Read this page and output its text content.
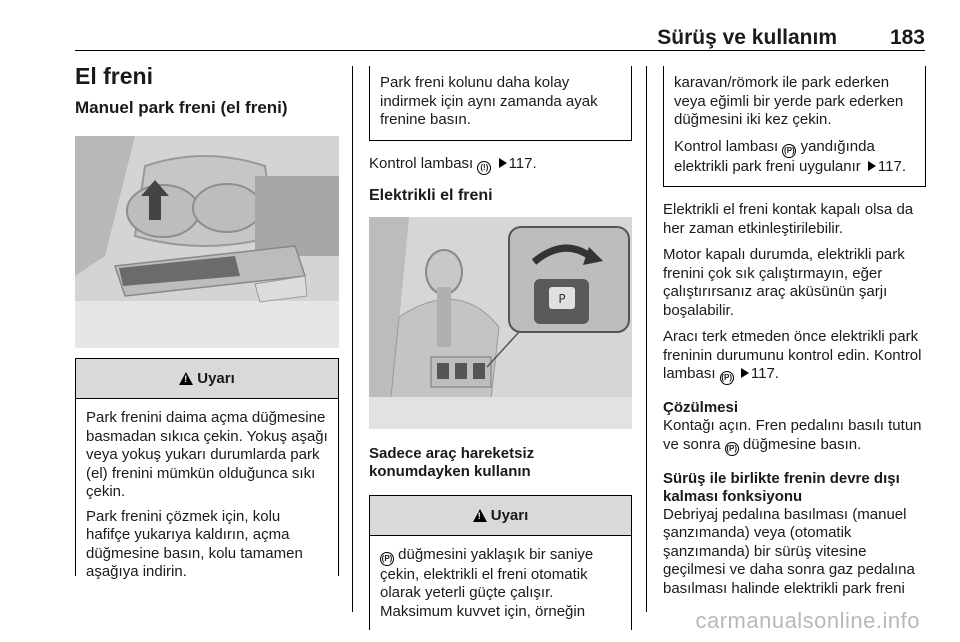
Sürüş ve kullanım	183
El freni
Manuel park freni (el freni)
!
Uyarı

Park frenini daima açma düğmesine basmadan sıkıca çekin. Yokuş aşağı veya yokuş yukarı durumlarda park (el) frenini mümkün olduğunca sıkı çekin.

Park frenini çözmek için, kolu hafifçe yukarıya kaldırın, açma düğmesine basın, kolu tamamen aşağıya indirin.

Park freni kolunu daha kolay indirmek için aynı zamanda ayak frenine basın.

Kontrol lambası (!) 117.

Elektrikli el freni
P
Sadece araç hareketsiz konumdayken kullanın
!
Uyarı

(P) düğmesini yaklaşık bir saniye çekin, elektrikli el freni otomatik olarak yeterli güçte çalışır. Maksimum kuvvet için, örneğin

karavan/römork ile park ederken veya eğimli bir yerde park ederken düğmesini iki kez çekin.

Kontrol lambası (P) yandığında elektrikli park freni uygulanır 117.

Elektrikli el freni kontak kapalı olsa da her zaman etkinleştirilebilir.

Motor kapalı durumda, elektrikli park frenini çok sık çalıştırmayın, eğer çalıştırırsanız araç aküsünün şarjı boşalabilir.

Aracı terk etmeden önce elektrikli park freninin durumunu kontrol edin. Kontrol lambası (P) 117.

Çözülmesi

Kontağı açın. Fren pedalını basılı tutun ve sonra (P) düğmesine basın.

Sürüş ile birlikte frenin devre dışı kalması fonksiyonu

Debriyaj pedalına basılması (manuel şanzımanda) veya (otomatik şanzımanda) bir sürüş vitesine geçilmesi ve daha sonra gaz pedalına basılması halinde elektrikli park freni

carmanualsonline.info
